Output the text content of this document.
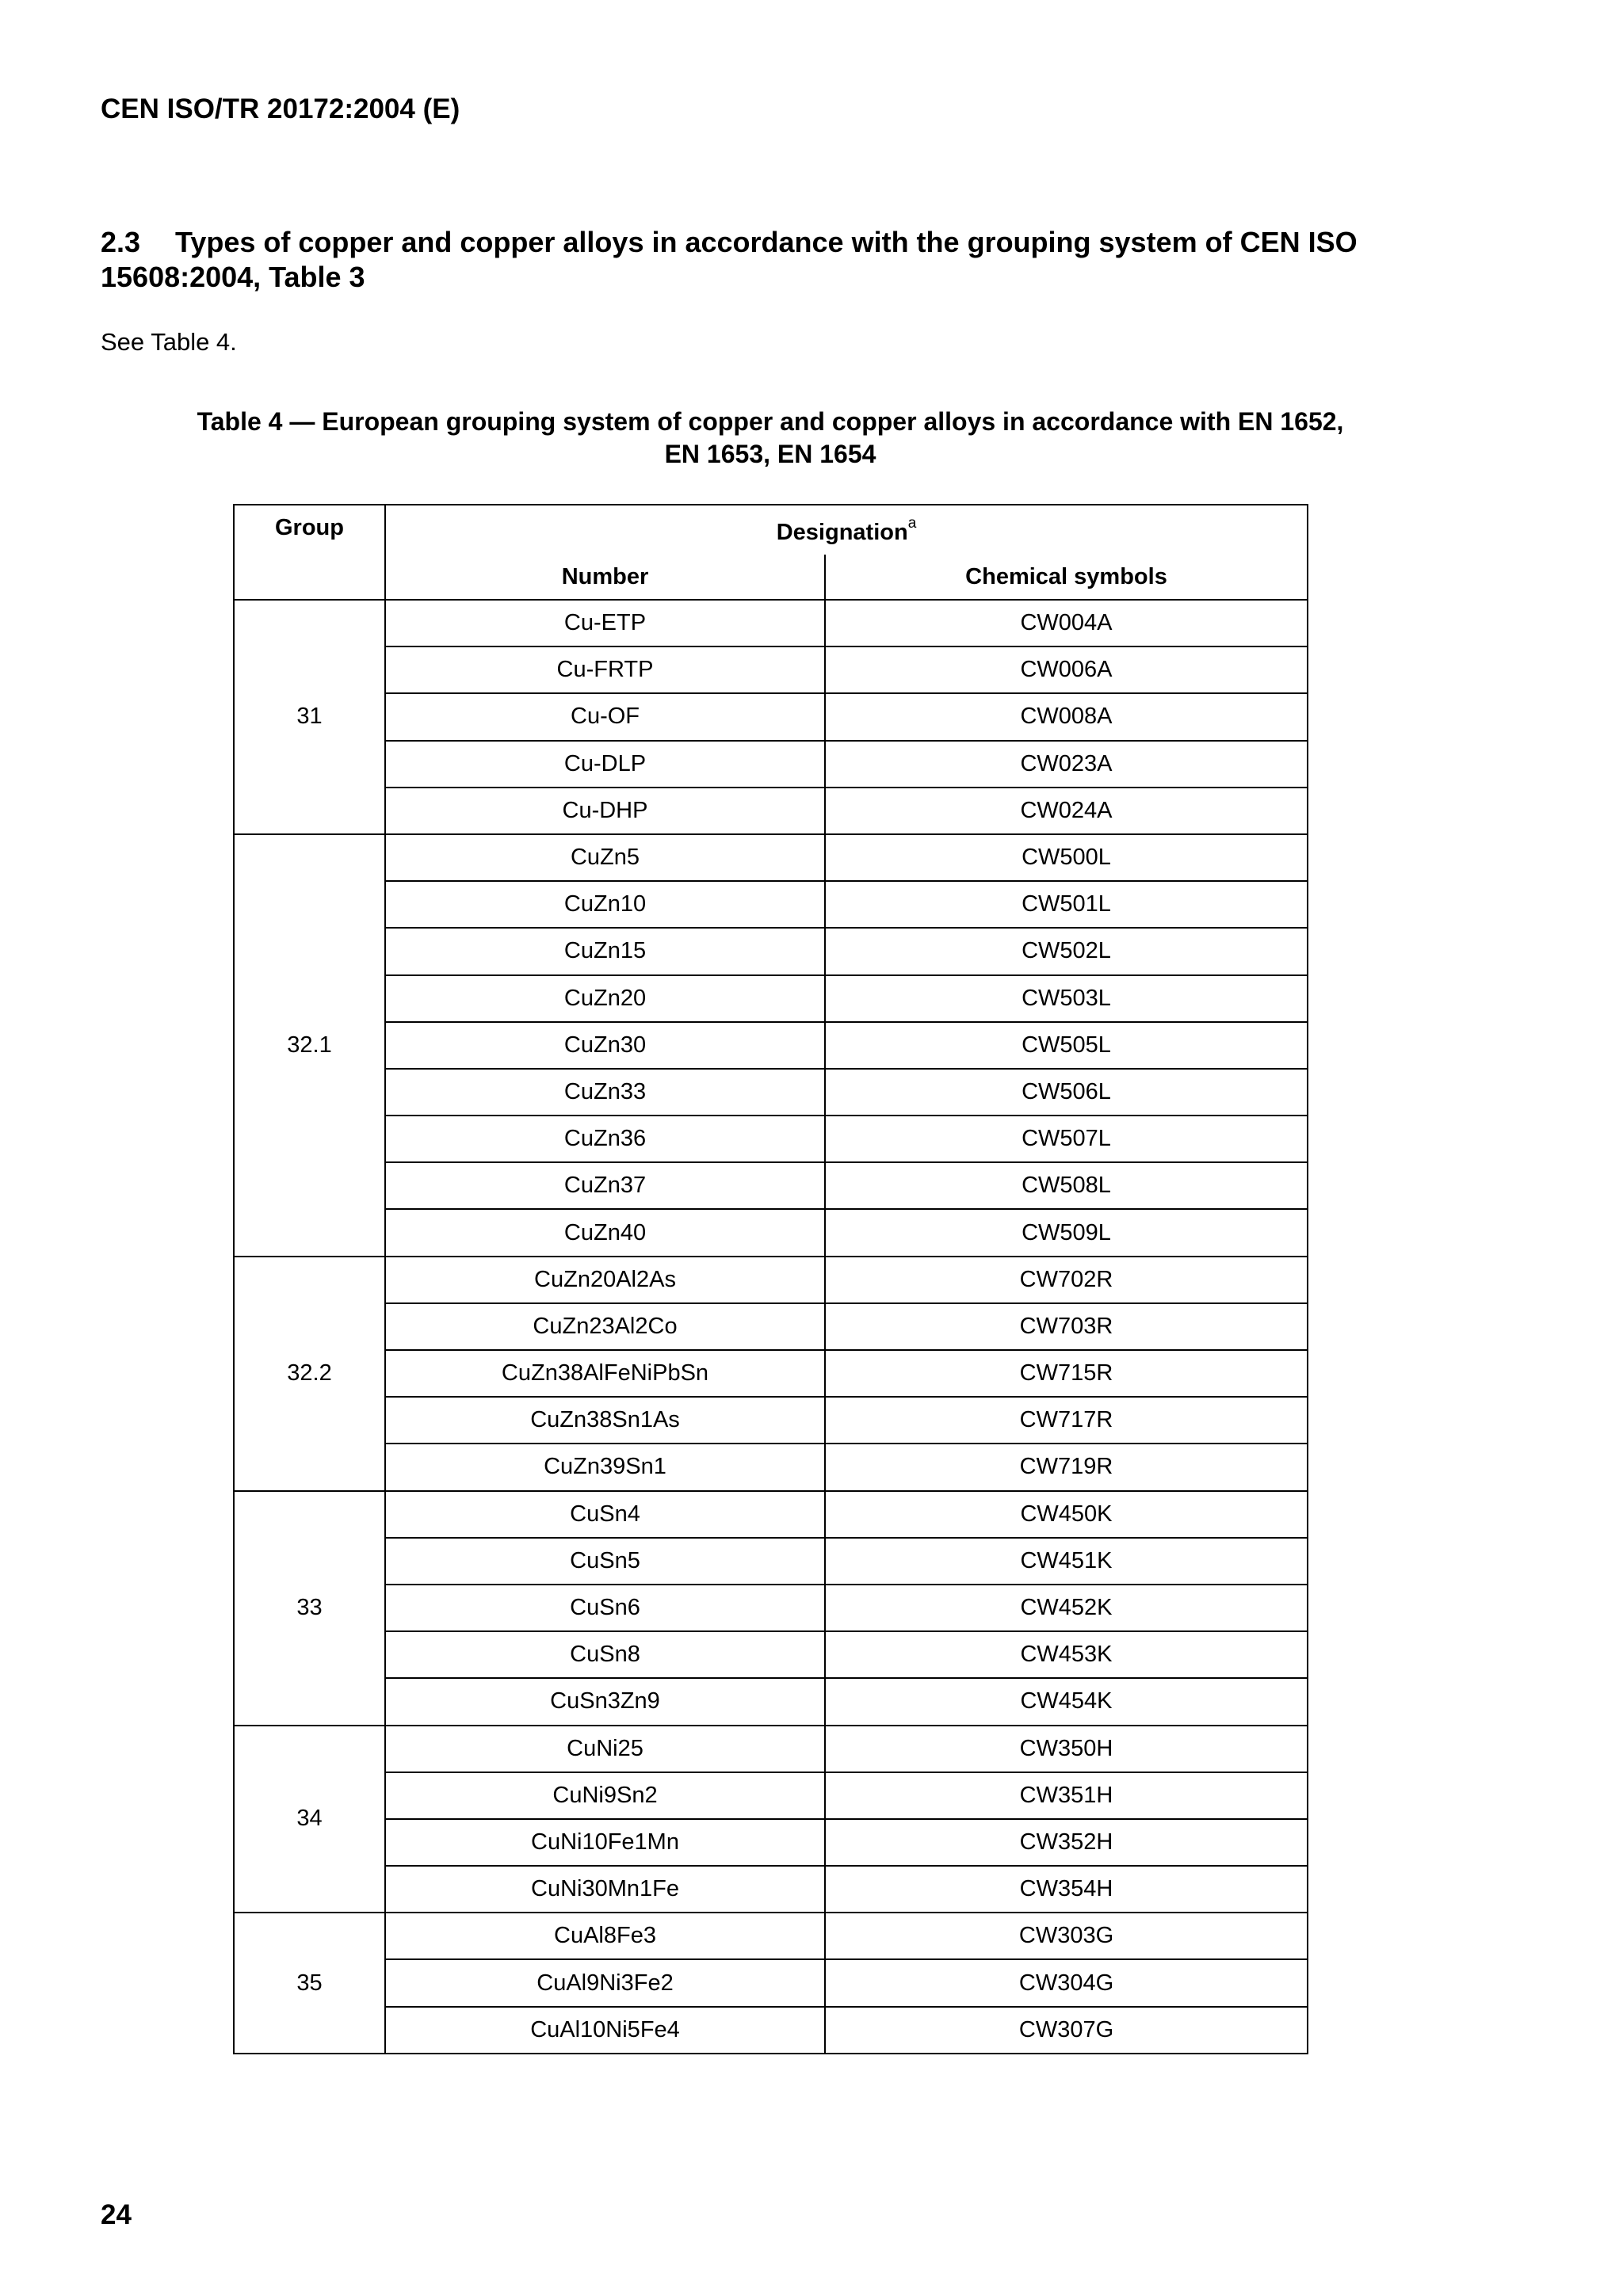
CEN ISO/TR 20172:2004 (E)
2.3 Types of copper and copper alloys in accordance with the grouping system of CEN ISO
15608:2004, Table 3

See Table 4.

Table 4 — European grouping system of copper and copper alloys in accordance with EN 1652,
EN 1653, EN 1654

Group	Designation$^a$
	Number	Chemical symbols
31	Cu-ETP	CW004A
	Cu-FRTP	CW006A
	Cu-OF	CW008A
	Cu-DLP	CW023A
	Cu-DHP	CW024A
32.1	CuZn5	CW500L
	CuZn10	CW501L
	CuZn15	CW502L
	CuZn20	CW503L
	CuZn30	CW505L
	CuZn33	CW506L
	CuZn36	CW507L
	CuZn37	CW508L
	CuZn40	CW509L
32.2	CuZn20Al2As	CW702R
	CuZn23Al2Co	CW703R
	CuZn38AlFeNiPbSn	CW715R
	CuZn38Sn1As	CW717R
	CuZn39Sn1	CW719R
33	CuSn4	CW450K
	CuSn5	CW451K
	CuSn6	CW452K
	CuSn8	CW453K
	CuSn3Zn9	CW454K
34	CuNi25	CW350H
	CuNi9Sn2	CW351H
	CuNi10Fe1Mn	CW352H
	CuNi30Mn1Fe	CW354H
35	CuAl8Fe3	CW303G
	CuAl9Ni3Fe2	CW304G
	CuAl10Ni5Fe4	CW307G

24
